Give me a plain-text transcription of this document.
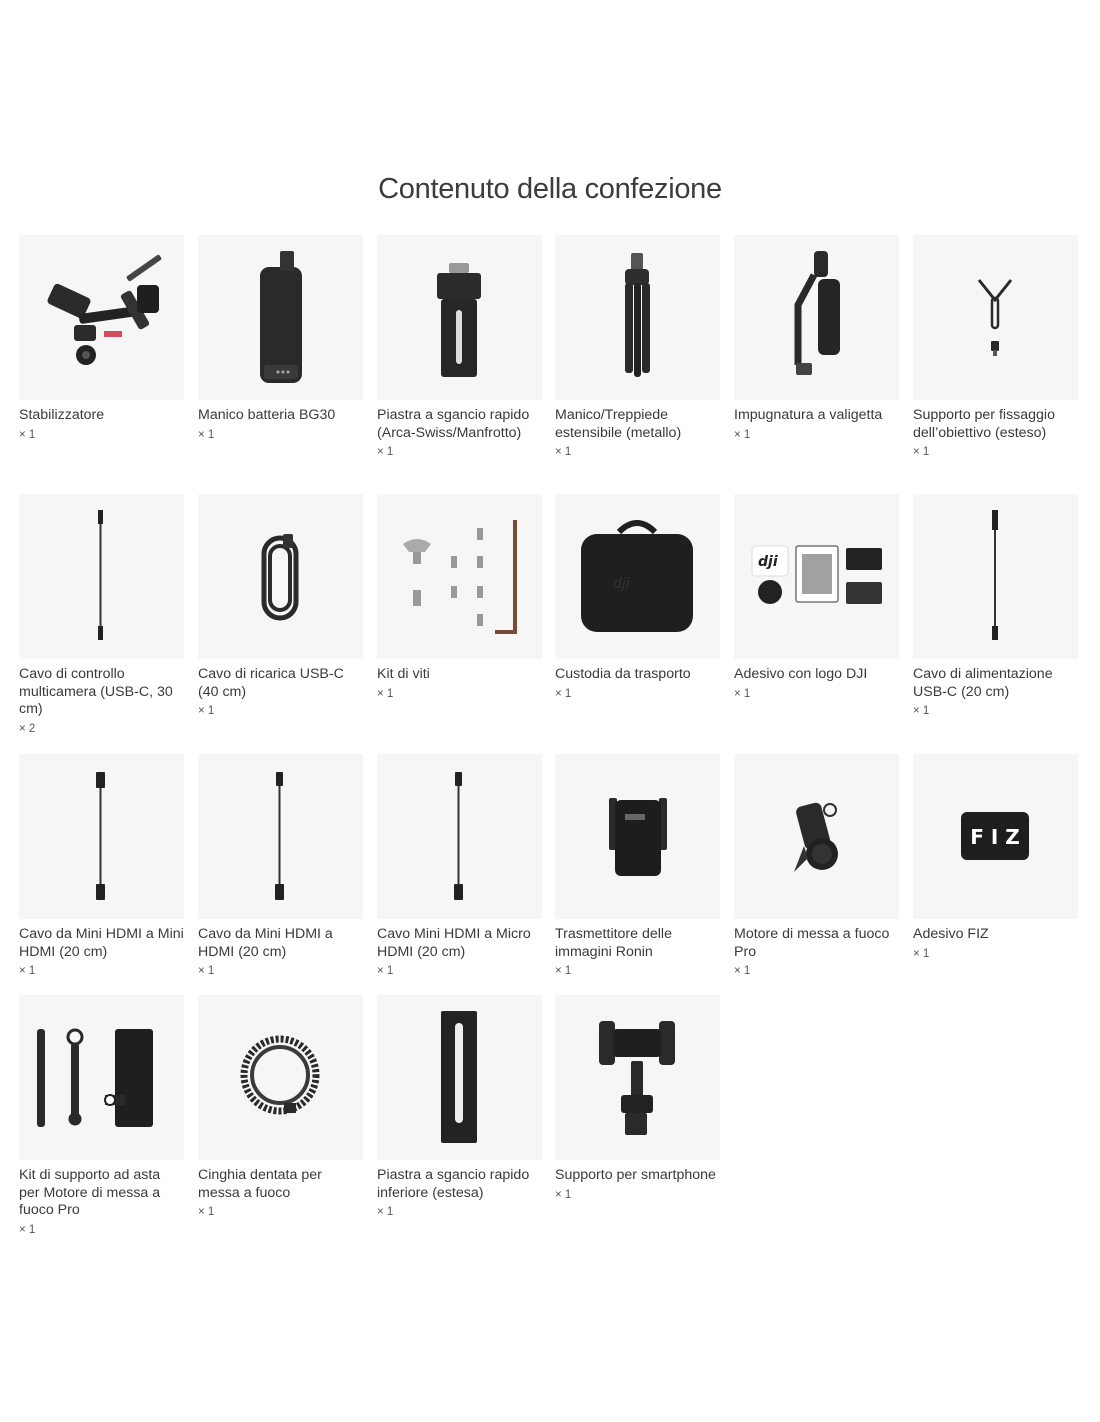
Contenuto della confezione
Stabilizzatore
× 1
Manico batteria BG30
× 1
Piastra a sgancio rapido (Arca-Swiss/Manfrotto)
× 1
Manico/Treppiede estensibile (metallo)
× 1
Impugnatura a valigetta
× 1
Supporto per fissaggio dell’obiettivo (esteso)
× 1
Cavo di controllo multicamera (USB-C, 30 cm)
× 2
Cavo di ricarica USB-C (40 cm)
× 1
Kit di viti
× 1
dji
Custodia da trasporto
× 1
dji
Adesivo con logo DJI
× 1
Cavo di alimentazione USB-C (20 cm)
× 1
Cavo da Mini HDMI a Mini HDMI (20 cm)
× 1
Cavo da Mini HDMI a HDMI (20 cm)
× 1
Cavo Mini HDMI a Micro HDMI (20 cm)
× 1
Trasmettitore delle immagini Ronin
× 1
Motore di messa a fuoco Pro
× 1
F I Z
Adesivo FIZ
× 1
Kit di supporto ad asta per Motore di messa a fuoco Pro
× 1
Cinghia dentata per messa a fuoco
× 1
Piastra a sgancio rapido inferiore (estesa)
× 1
Supporto per smartphone
× 1
